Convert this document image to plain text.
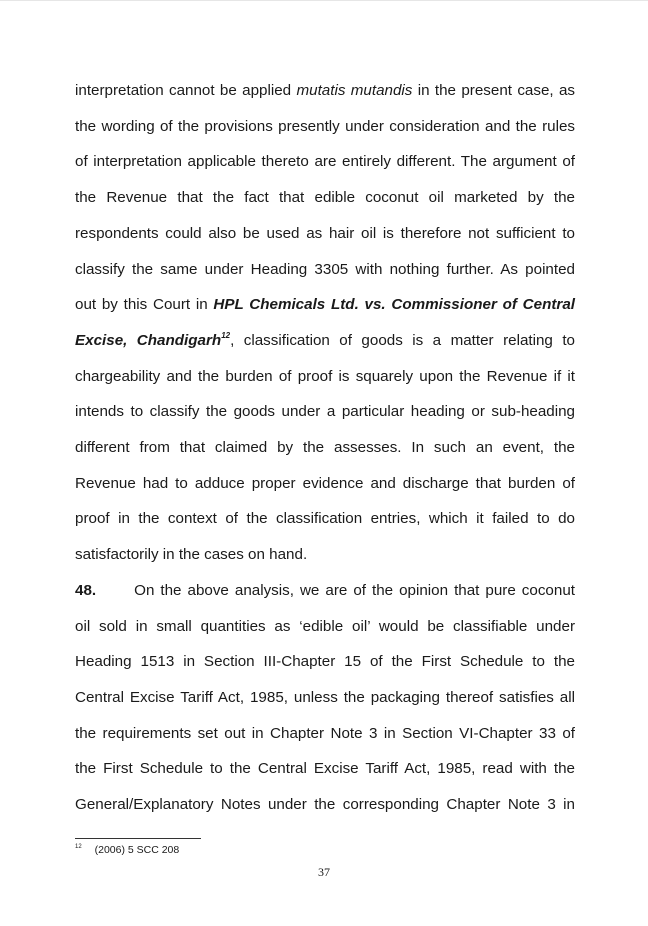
interpretation cannot be applied mutatis mutandis in the present case, as
the wording of the provisions presently under consideration and the rules
of interpretation applicable thereto are entirely different. The argument of
the Revenue that the fact that edible coconut oil marketed by the
respondents could also be used as hair oil is therefore not sufficient to
classify the same under Heading 3305 with nothing further. As pointed
out by this Court in HPL Chemicals Ltd. vs. Commissioner of Central
Excise, Chandigarh$^{12}$, classification of goods is a matter relating to
chargeability and the burden of proof is squarely upon the Revenue if it
intends to classify the goods under a particular heading or sub-heading
different from that claimed by the assesses. In such an event, the
Revenue had to adduce proper evidence and discharge that burden of
proof in the context of the classification entries, which it failed to do
satisfactorily in the cases on hand.
48.	On the above analysis, we are of the opinion that pure coconut
oil sold in small quantities as ‘edible oil’ would be classifiable under
Heading 1513 in Section III-Chapter 15 of the First Schedule to the
Central Excise Tariff Act, 1985, unless the packaging thereof satisfies all
the requirements set out in Chapter Note 3 in Section VI-Chapter 33 of
the First Schedule to the Central Excise Tariff Act, 1985, read with the
General/Explanatory Notes under the corresponding Chapter Note 3 in
$^{12}$ (2006) 5 SCC 208
37
